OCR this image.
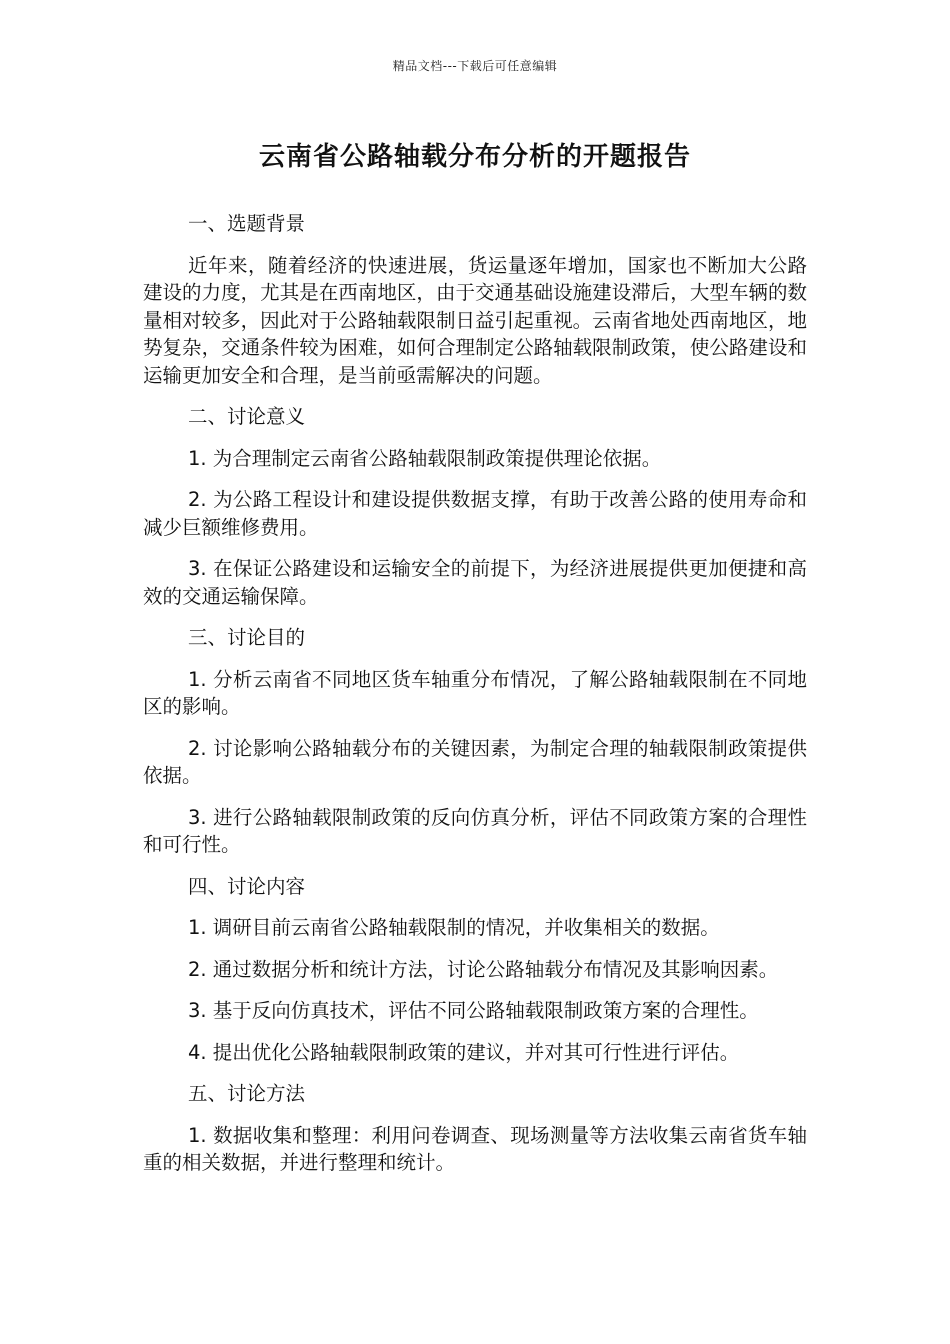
精品文档---下载后可任意编辑
云南省公路轴载分布分析的开题报告

一、选题背景

近年来，随着经济的快速进展，货运量逐年增加，国家也不断加大公路建设的力度，尤其是在西南地区，由于交通基础设施建设滞后，大型车辆的数量相对较多，因此对于公路轴载限制日益引起重视。云南省地处西南地区，地势复杂，交通条件较为困难，如何合理制定公路轴载限制政策，使公路建设和运输更加安全和合理，是当前亟需解决的问题。

二、讨论意义

1. 为合理制定云南省公路轴载限制政策提供理论依据。

2. 为公路工程设计和建设提供数据支撑，有助于改善公路的使用寿命和减少巨额维修费用。

3. 在保证公路建设和运输安全的前提下，为经济进展提供更加便捷和高效的交通运输保障。

三、讨论目的

1. 分析云南省不同地区货车轴重分布情况，了解公路轴载限制在不同地区的影响。

2. 讨论影响公路轴载分布的关键因素，为制定合理的轴载限制政策提供依据。

3. 进行公路轴载限制政策的反向仿真分析，评估不同政策方案的合理性和可行性。

四、讨论内容

1. 调研目前云南省公路轴载限制的情况，并收集相关的数据。

2. 通过数据分析和统计方法，讨论公路轴载分布情况及其影响因素。

3. 基于反向仿真技术，评估不同公路轴载限制政策方案的合理性。

4. 提出优化公路轴载限制政策的建议，并对其可行性进行评估。

五、讨论方法

1. 数据收集和整理：利用问卷调查、现场测量等方法收集云南省货车轴重的相关数据，并进行整理和统计。
